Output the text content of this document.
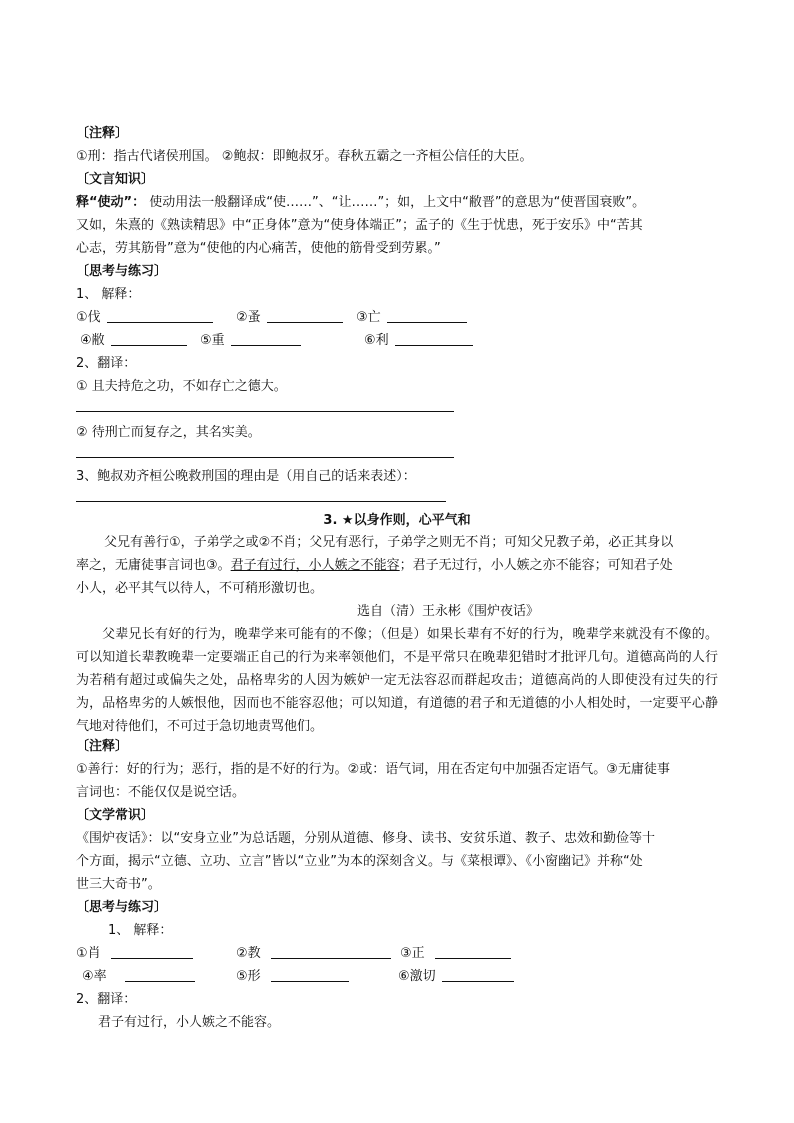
〔注释〕
①刑：指古代诸侯刑国。 ②鲍叔：即鲍叔牙。春秋五霸之一齐桓公信任的大臣。
〔文言知识〕
释“使动”： 使动用法一般翻译成“使……”、“让……”；如，上文中“敝晋”的意思为“使晋国衰败”。
又如，朱熹的《熟读精思》中“正身体”意为“使身体端正”；孟子的《生于忧患，死于安乐》中“苦其
心志，劳其筋骨”意为“使他的内心痛苦，使他的筋骨受到劳累。”
〔思考与练习〕
1、 解释：
①伐	②蚤	③亡
④敝	⑤重	⑥利
2、翻译：
① 且夫持危之功，不如存亡之德大。
② 待刑亡而复存之，其名实美。
3、鲍叔劝齐桓公晚救刑国的理由是（用自己的话来表述）：
3. ★以身作则，心平气和
父兄有善行①，子弟学之或②不肖；父兄有恶行，子弟学之则无不肖；可知父兄教子弟，必正其身以
率之，无庸徒事言词也③。君子有过行，小人嫉之不能容；君子无过行，小人嫉之亦不能容；可知君子处
小人，必平其气以待人，不可稍形激切也。
选自（清）王永彬《围炉夜话》
父辈兄长有好的行为，晚辈学来可能有的不像；（但是）如果长辈有不好的行为，晚辈学来就没有不像的。可以知道长辈教晚辈一定要端正自己的行为来率领他们，不是平常只在晚辈犯错时才批评几句。道德高尚的人行为若稍有超过或偏失之处，品格卑劣的人因为嫉妒一定无法容忍而群起攻击；道德高尚的人即使没有过失的行为，品格卑劣的人嫉恨他，因而也不能容忍他；可以知道，有道德的君子和无道德的小人相处时，一定要平心静气地对待他们，不可过于急切地责骂他们。
〔注释〕
①善行：好的行为；恶行，指的是不好的行为。②或：语气词，用在否定句中加强否定语气。③无庸徒事
言词也：不能仅仅是说空话。
〔文学常识〕
《围炉夜话》：以“安身立业”为总话题，分别从道德、修身、读书、安贫乐道、教子、忠效和勤俭等十
个方面，揭示“立德、立功、立言”皆以“立业”为本的深刻含义。与《菜根谭》、《小窗幽记》并称“处
世三大奇书”。
〔思考与练习〕
1、 解释：
①肖	②教	③正
④率	⑤形	⑥激切
2、翻译：
君子有过行，小人嫉之不能容。
